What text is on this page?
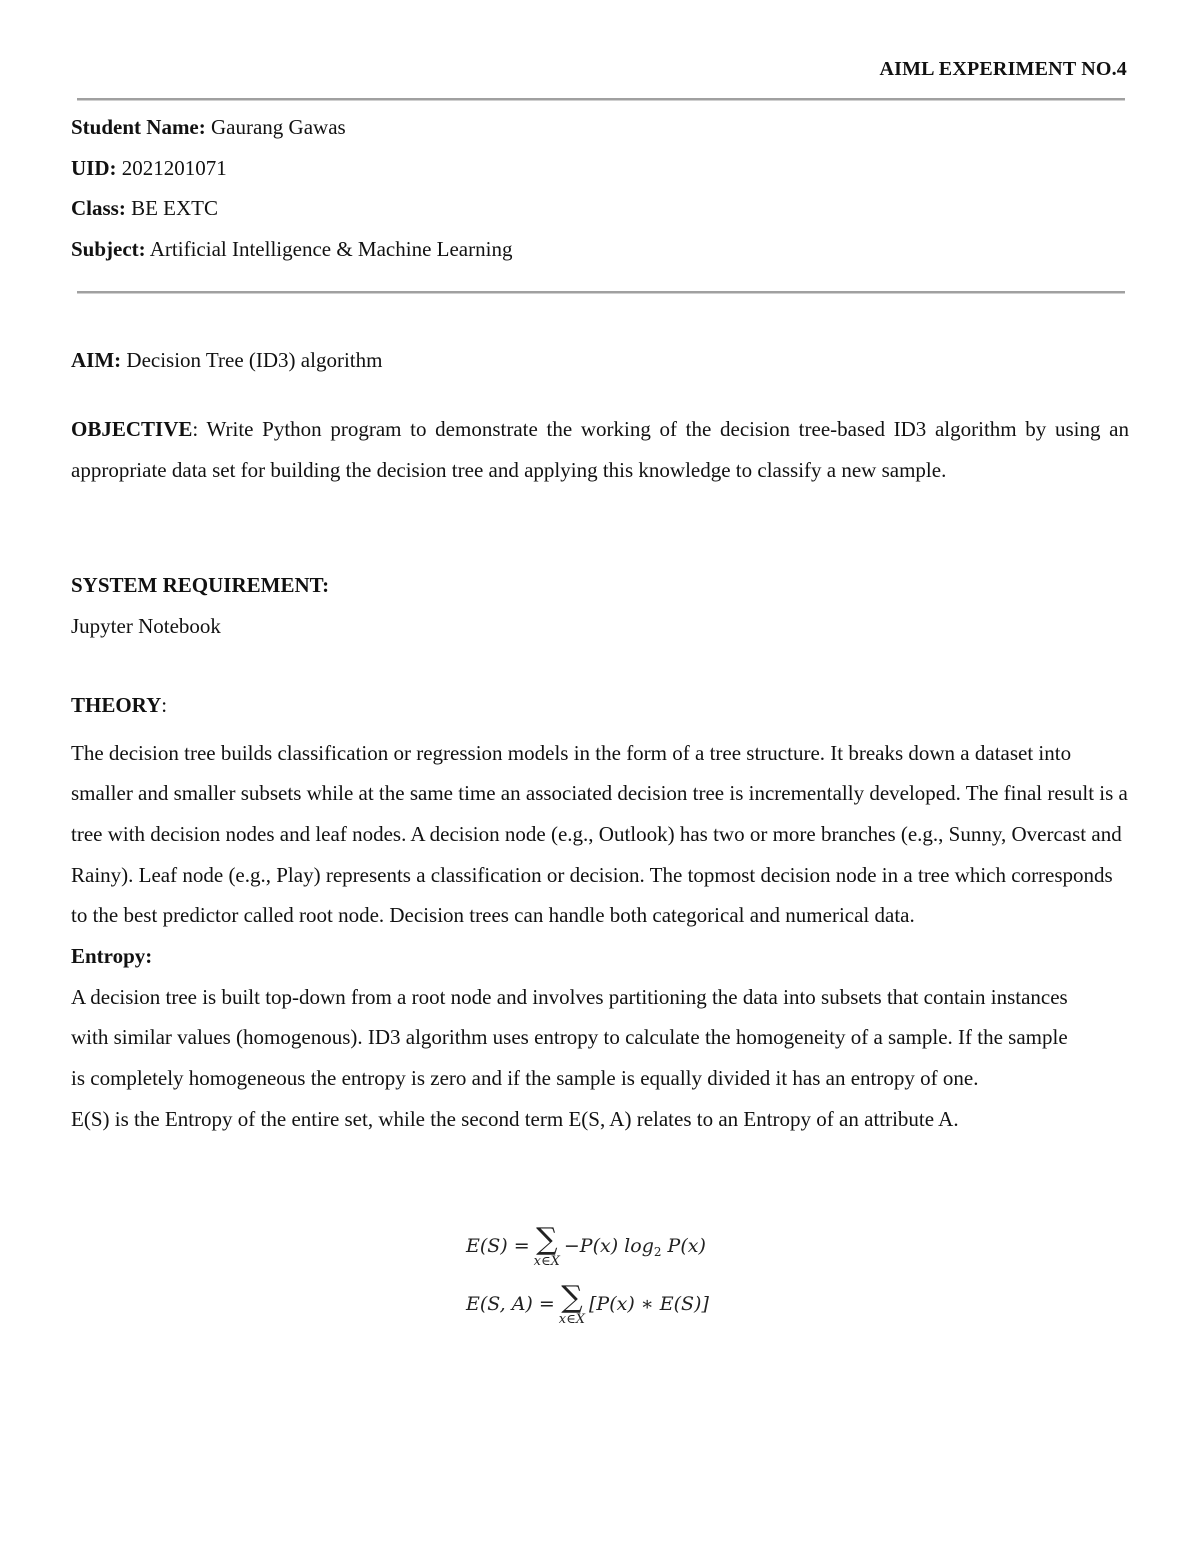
AIML EXPERIMENT NO.4
Student Name: Gaurang Gawas
UID: 2021201071
Class: BE EXTC
Subject: Artificial Intelligence & Machine Learning
AIM: Decision Tree (ID3) algorithm
OBJECTIVE: Write Python program to demonstrate the working of the decision tree-based ID3 algorithm by using an appropriate data set for building the decision tree and applying this knowledge to classify a new sample.
SYSTEM REQUIREMENT:
Jupyter Notebook
THEORY:

The decision tree builds classification or regression models in the form of a tree structure. It breaks down a dataset into smaller and smaller subsets while at the same time an associated decision tree is incrementally developed. The final result is a tree with decision nodes and leaf nodes. A decision node (e.g., Outlook) has two or more branches (e.g., Sunny, Overcast and Rainy). Leaf node (e.g., Play) represents a classification or decision. The topmost decision node in a tree which corresponds to the best predictor called root node. Decision trees can handle both categorical and numerical data.

Entropy:

A decision tree is built top-down from a root node and involves partitioning the data into subsets that contain instances with similar values (homogenous). ID3 algorithm uses entropy to calculate the homogeneity of a sample. If the sample is completely homogeneous the entropy is zero and if the sample is equally divided it has an entropy of one.

E(S) is the Entropy of the entire set, while the second term E(S, A) relates to an Entropy of an attribute A.

E(S) = ∑
x∈X
−P(x) $\log_2 P(x)$
E(S, A) = ∑
x∈X
[P(x) ∗ E(S)]
